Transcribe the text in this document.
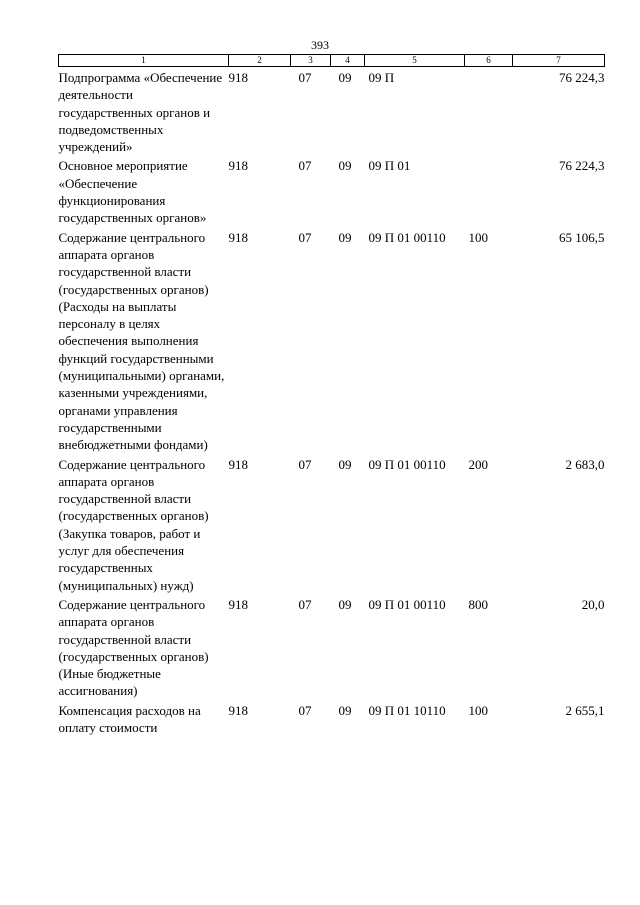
393
1	2	3	4	5	6	7
Подпрограмма «Обеспечение деятельности государственных органов и подведомственных учреждений»	918	07	09	09 П		76 224,3
Основное мероприятие «Обеспечение функционирования государственных органов»	918	07	09	09 П 01		76 224,3
Содержание центрального аппарата органов государственной власти (государственных органов) (Расходы на выплаты персоналу в целях обеспечения выполнения функций государственными (муниципальными) органами, казенными учреждениями, органами управления государственными внебюджетными фондами)	918	07	09	09 П 01 00110	100	65 106,5
Содержание центрального аппарата органов государственной власти (государственных органов) (Закупка товаров, работ и услуг для обеспечения государственных (муниципальных) нужд)	918	07	09	09 П 01 00110	200	2 683,0
Содержание центрального аппарата органов государственной власти (государственных органов) (Иные бюджетные ассигнования)	918	07	09	09 П 01 00110	800	20,0
Компенсация расходов на оплату стоимости	918	07	09	09 П 01 10110	100	2 655,1
